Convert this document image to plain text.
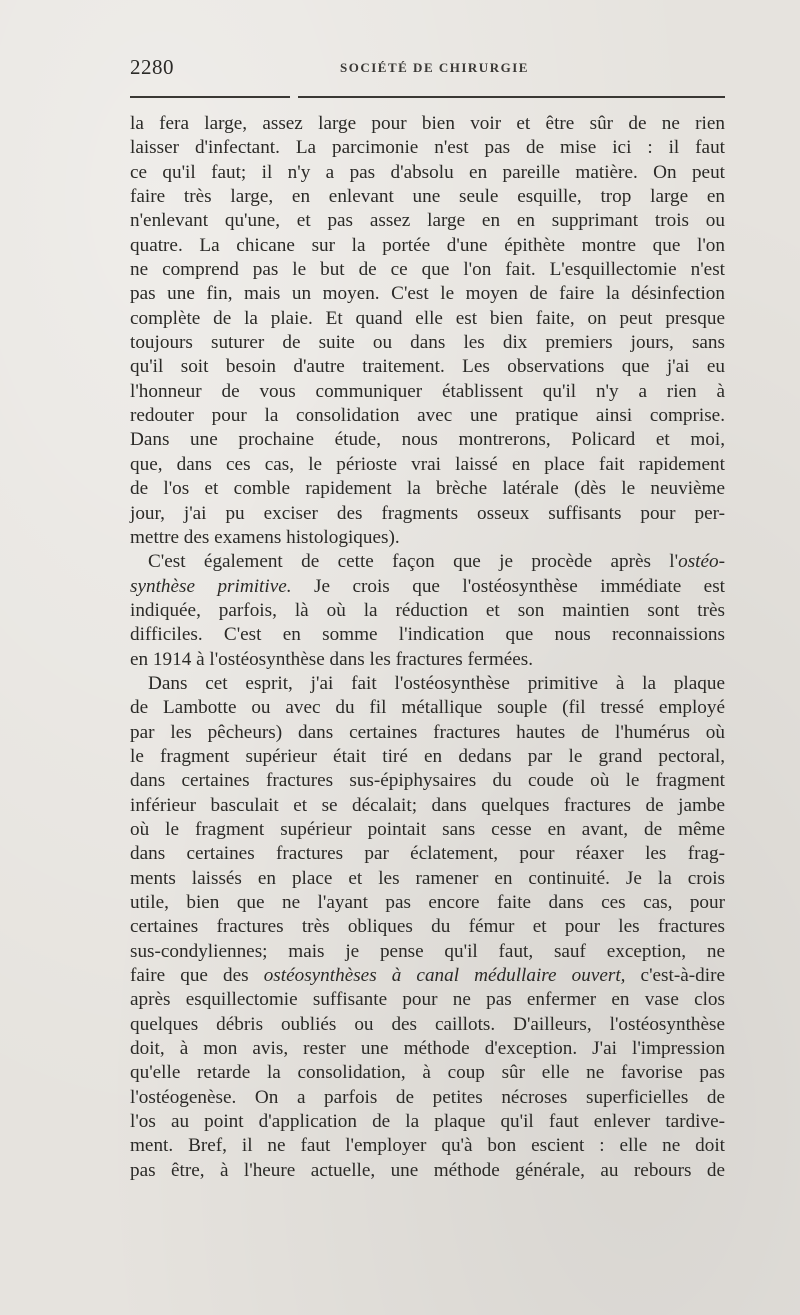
2280	SOCIÉTÉ DE CHIRURGIE
la fera large, assez large pour bien voir et être sûr de ne rien
laisser d'infectant. La parcimonie n'est pas de mise ici : il faut
ce qu'il faut; il n'y a pas d'absolu en pareille matière. On peut
faire très large, en enlevant une seule esquille, trop large en
n'enlevant qu'une, et pas assez large en en supprimant trois ou
quatre. La chicane sur la portée d'une épithète montre que l'on
ne comprend pas le but de ce que l'on fait. L'esquillectomie n'est
pas une fin, mais un moyen. C'est le moyen de faire la désinfection
complète de la plaie. Et quand elle est bien faite, on peut presque
toujours suturer de suite ou dans les dix premiers jours, sans
qu'il soit besoin d'autre traitement. Les observations que j'ai eu
l'honneur de vous communiquer établissent qu'il n'y a rien à
redouter pour la consolidation avec une pratique ainsi comprise.
Dans une prochaine étude, nous montrerons, Policard et moi,
que, dans ces cas, le périoste vrai laissé en place fait rapidement
de l'os et comble rapidement la brèche latérale (dès le neuvième
jour, j'ai pu exciser des fragments osseux suffisants pour per-
mettre des examens histologiques).
C'est également de cette façon que je procède après l'ostéo-
synthèse primitive. Je crois que l'ostéosynthèse immédiate est
indiquée, parfois, là où la réduction et son maintien sont très
difficiles. C'est en somme l'indication que nous reconnaissions
en 1914 à l'ostéosynthèse dans les fractures fermées.
Dans cet esprit, j'ai fait l'ostéosynthèse primitive à la plaque
de Lambotte ou avec du fil métallique souple (fil tressé employé
par les pêcheurs) dans certaines fractures hautes de l'humérus où
le fragment supérieur était tiré en dedans par le grand pectoral,
dans certaines fractures sus-épiphysaires du coude où le fragment
inférieur basculait et se décalait; dans quelques fractures de jambe
où le fragment supérieur pointait sans cesse en avant, de même
dans certaines fractures par éclatement, pour réaxer les frag-
ments laissés en place et les ramener en continuité. Je la crois
utile, bien que ne l'ayant pas encore faite dans ces cas, pour
certaines fractures très obliques du fémur et pour les fractures
sus-condyliennes; mais je pense qu'il faut, sauf exception, ne
faire que des ostéosynthèses à canal médullaire ouvert, c'est-à-dire
après esquillectomie suffisante pour ne pas enfermer en vase clos
quelques débris oubliés ou des caillots. D'ailleurs, l'ostéosynthèse
doit, à mon avis, rester une méthode d'exception. J'ai l'impression
qu'elle retarde la consolidation, à coup sûr elle ne favorise pas
l'ostéogenèse. On a parfois de petites nécroses superficielles de
l'os au point d'application de la plaque qu'il faut enlever tardive-
ment. Bref, il ne faut l'employer qu'à bon escient : elle ne doit
pas être, à l'heure actuelle, une méthode générale, au rebours de
